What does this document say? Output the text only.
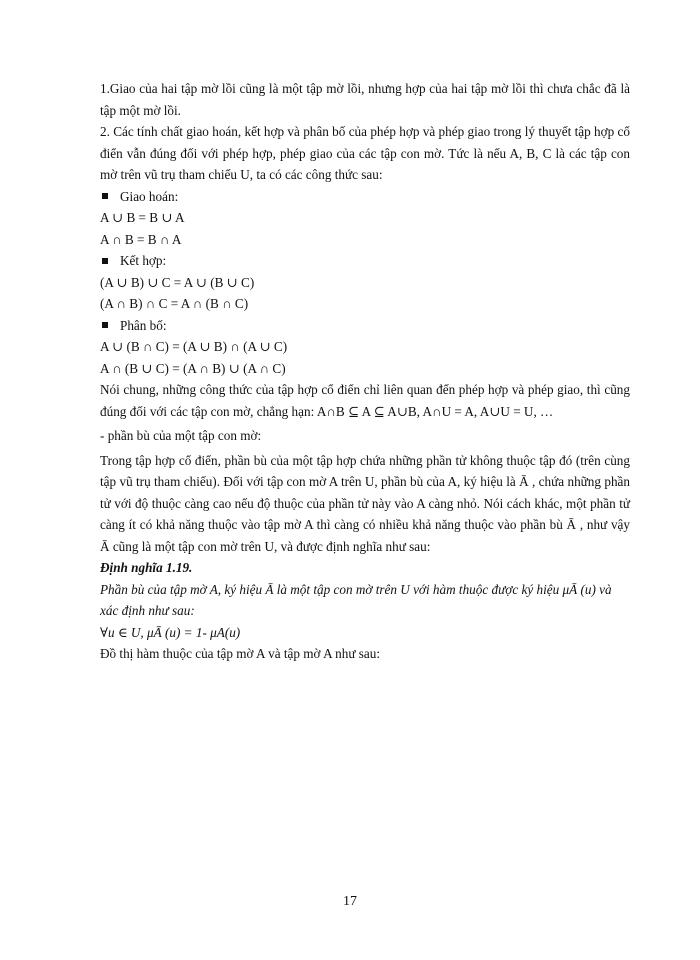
1.Giao của hai tập mờ lồi cũng là một tập mờ lồi, nhưng hợp của hai tập mờ lồi thì chưa chắc đã là tập một mờ lồi.

2. Các tính chất giao hoán, kết hợp và phân bố của phép hợp và phép giao trong lý thuyết tập hợp cổ điển vẫn đúng đối với phép hợp, phép giao của các tập con mờ. Tức là nếu A, B, C là các tập con mờ trên vũ trụ tham chiếu U, ta có các công thức sau:

Giao hoán:

A ∪ B = B ∪ A

A ∩ B = B ∩ A

Kết hợp:

(A ∪ B) ∪ C = A ∪ (B ∪ C)

(A ∩ B) ∩ C = A ∩ (B ∩ C)

Phân bố:

A ∪ (B ∩ C) = (A ∪ B) ∩ (A ∪ C)

A ∩ (B ∪ C) = (A ∩ B) ∪ (A ∩ C)

Nói chung, những công thức của tập hợp cổ điển chỉ liên quan đến phép hợp và phép giao, thì cũng đúng đối với các tập con mờ, chẳng hạn: A∩B ⊆ A ⊆ A∪B, A∩U = A, A∪U = U, …

- phần bù của một tập con mờ:

Trong tập hợp cổ điển, phần bù của một tập hợp chứa những phần tử không thuộc tập đó (trên cùng tập vũ trụ tham chiếu). Đối với tập con mờ A trên U, phần bù của A, ký hiệu là Ā , chứa những phần tử với độ thuộc càng cao nếu độ thuộc của phần tử này vào A càng nhỏ. Nói cách khác, một phần tử càng ít có khả năng thuộc vào tập mờ A thì càng có nhiều khả năng thuộc vào phần bù Ā , như vậy Ā cũng là một tập con mờ trên U, và được định nghĩa như sau:

Định nghĩa 1.19.

Phần bù của tập mờ A, ký hiệu Ā là một tập con mờ trên U với hàm thuộc được ký hiệu μĀ (u) và xác định như sau:

∀u ∈ U, μĀ (u) = 1- μA(u)

Đồ thị hàm thuộc của tập mờ A và tập mờ A như sau:

17
